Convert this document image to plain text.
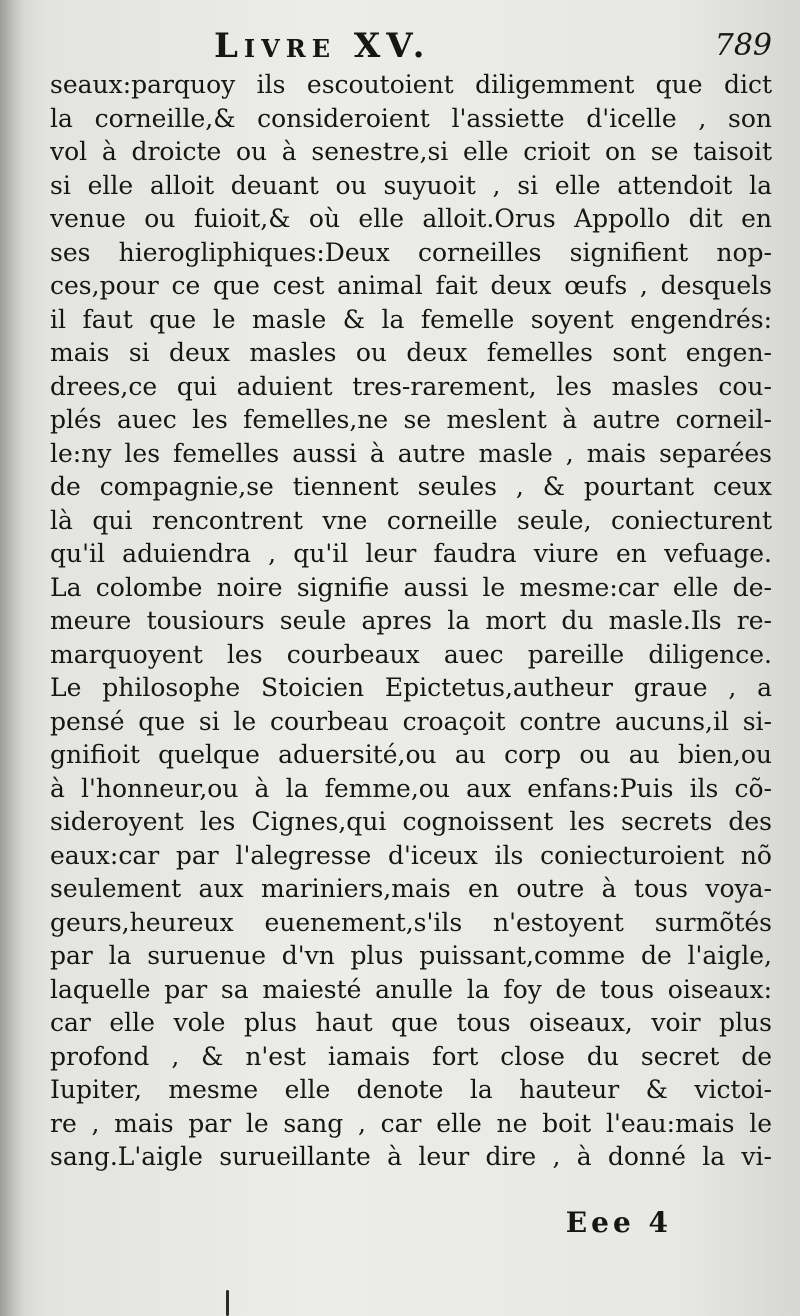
Livre XV.	789
seaux:parquoy ils escoutoient diligemment que dict
la corneille,& consideroient l'assiette d'icelle , son
vol à droicte ou à senestre,si elle crioit on se taisoit
si elle alloit deuant ou suyuoit , si elle attendoit la
venue ou fuioit,& où elle alloit.Orus Appollo dit en
ses hierogliphiques:Deux corneilles signifient nop-
ces,pour ce que cest animal fait deux œufs , desquels
il faut que le masle & la femelle soyent engendrés:
mais si deux masles ou deux femelles sont engen-
drees,ce qui aduient tres-rarement, les masles cou-
plés auec les femelles,ne se meslent à autre corneil-
le:ny les femelles aussi à autre masle , mais separées
de compagnie,se tiennent seules , & pourtant ceux
là qui rencontrent vne corneille seule, coniecturent
qu'il aduiendra , qu'il leur faudra viure en vefuage.
La colombe noire signifie aussi le mesme:car elle de-
meure tousiours seule apres la mort du masle.Ils re-
marquoyent les courbeaux auec pareille diligence.
Le philosophe Stoicien Epictetus,autheur graue , a
pensé que si le courbeau croaçoit contre aucuns,il si-
gnifioit quelque aduersité,ou au corp ou au bien,ou
à l'honneur,ou à la femme,ou aux enfans:Puis ils cõ-
sideroyent les Cignes,qui cognoissent les secrets des
eaux:car par l'alegresse d'iceux ils coniecturoient nõ
seulement aux mariniers,mais en outre à tous voya-
geurs,heureux euenement,s'ils n'estoyent surmõtés
par la suruenue d'vn plus puissant,comme de l'aigle,
laquelle par sa maiesté anulle la foy de tous oiseaux:
car elle vole plus haut que tous oiseaux, voir plus
profond , & n'est iamais fort close du secret de
Iupiter, mesme elle denote la hauteur & victoi-
re , mais par le sang , car elle ne boit l'eau:mais le
sang.L'aigle surueillante à leur dire , à donné la vi-
Eee 4
